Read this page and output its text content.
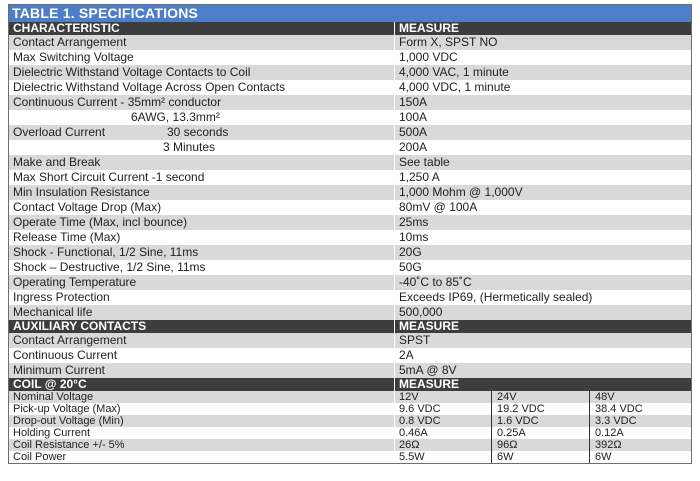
TABLE 1. SPECIFICATIONS
CHARACTERISTIC	MEASURE
Contact Arrangement	Form X, SPST NO
Max Switching Voltage	1,000 VDC
Dielectric Withstand Voltage Contacts to Coil	4,000 VAC, 1 minute
Dielectric Withstand Voltage Across Open Contacts	4,000 VDC, 1 minute
Continuous Current - 35mm² conductor	150A
6AWG, 13.3mm²	100A
Overload Current 30 seconds	500A
3 Minutes	200A
Make and Break	See table
Max Short Circuit Current -1 second	1,250 A
Min Insulation Resistance	1,000 Mohm @ 1,000V
Contact Voltage Drop (Max)	80mV @ 100A
Operate Time (Max, incl bounce)	25ms
Release Time (Max)	10ms
Shock - Functional, 1/2 Sine, 11ms	20G
Shock – Destructive, 1/2 Sine, 11ms	50G
Operating Temperature	-40˚C to 85˚C
Ingress Protection	Exceeds IP69, (Hermetically sealed)
Mechanical life	500,000
AUXILIARY CONTACTS	MEASURE
Contact Arrangement	SPST
Continuous Current	2A
Minimum Current	5mA @ 8V
COIL @ 20°C	MEASURE
Nominal Voltage	12V 24V 48V
Pick-up Voltage (Max)	9.6 VDC 19.2 VDC 38.4 VDC
Drop-out Voltage (Min)	0.8 VDC 1.6 VDC 3.3 VDC
Holding Current	0.46A 0.25A 0.12A
Coil Resistance +/- 5%	26Ω 96Ω 392Ω
Coil Power	5.5W 6W 6W
